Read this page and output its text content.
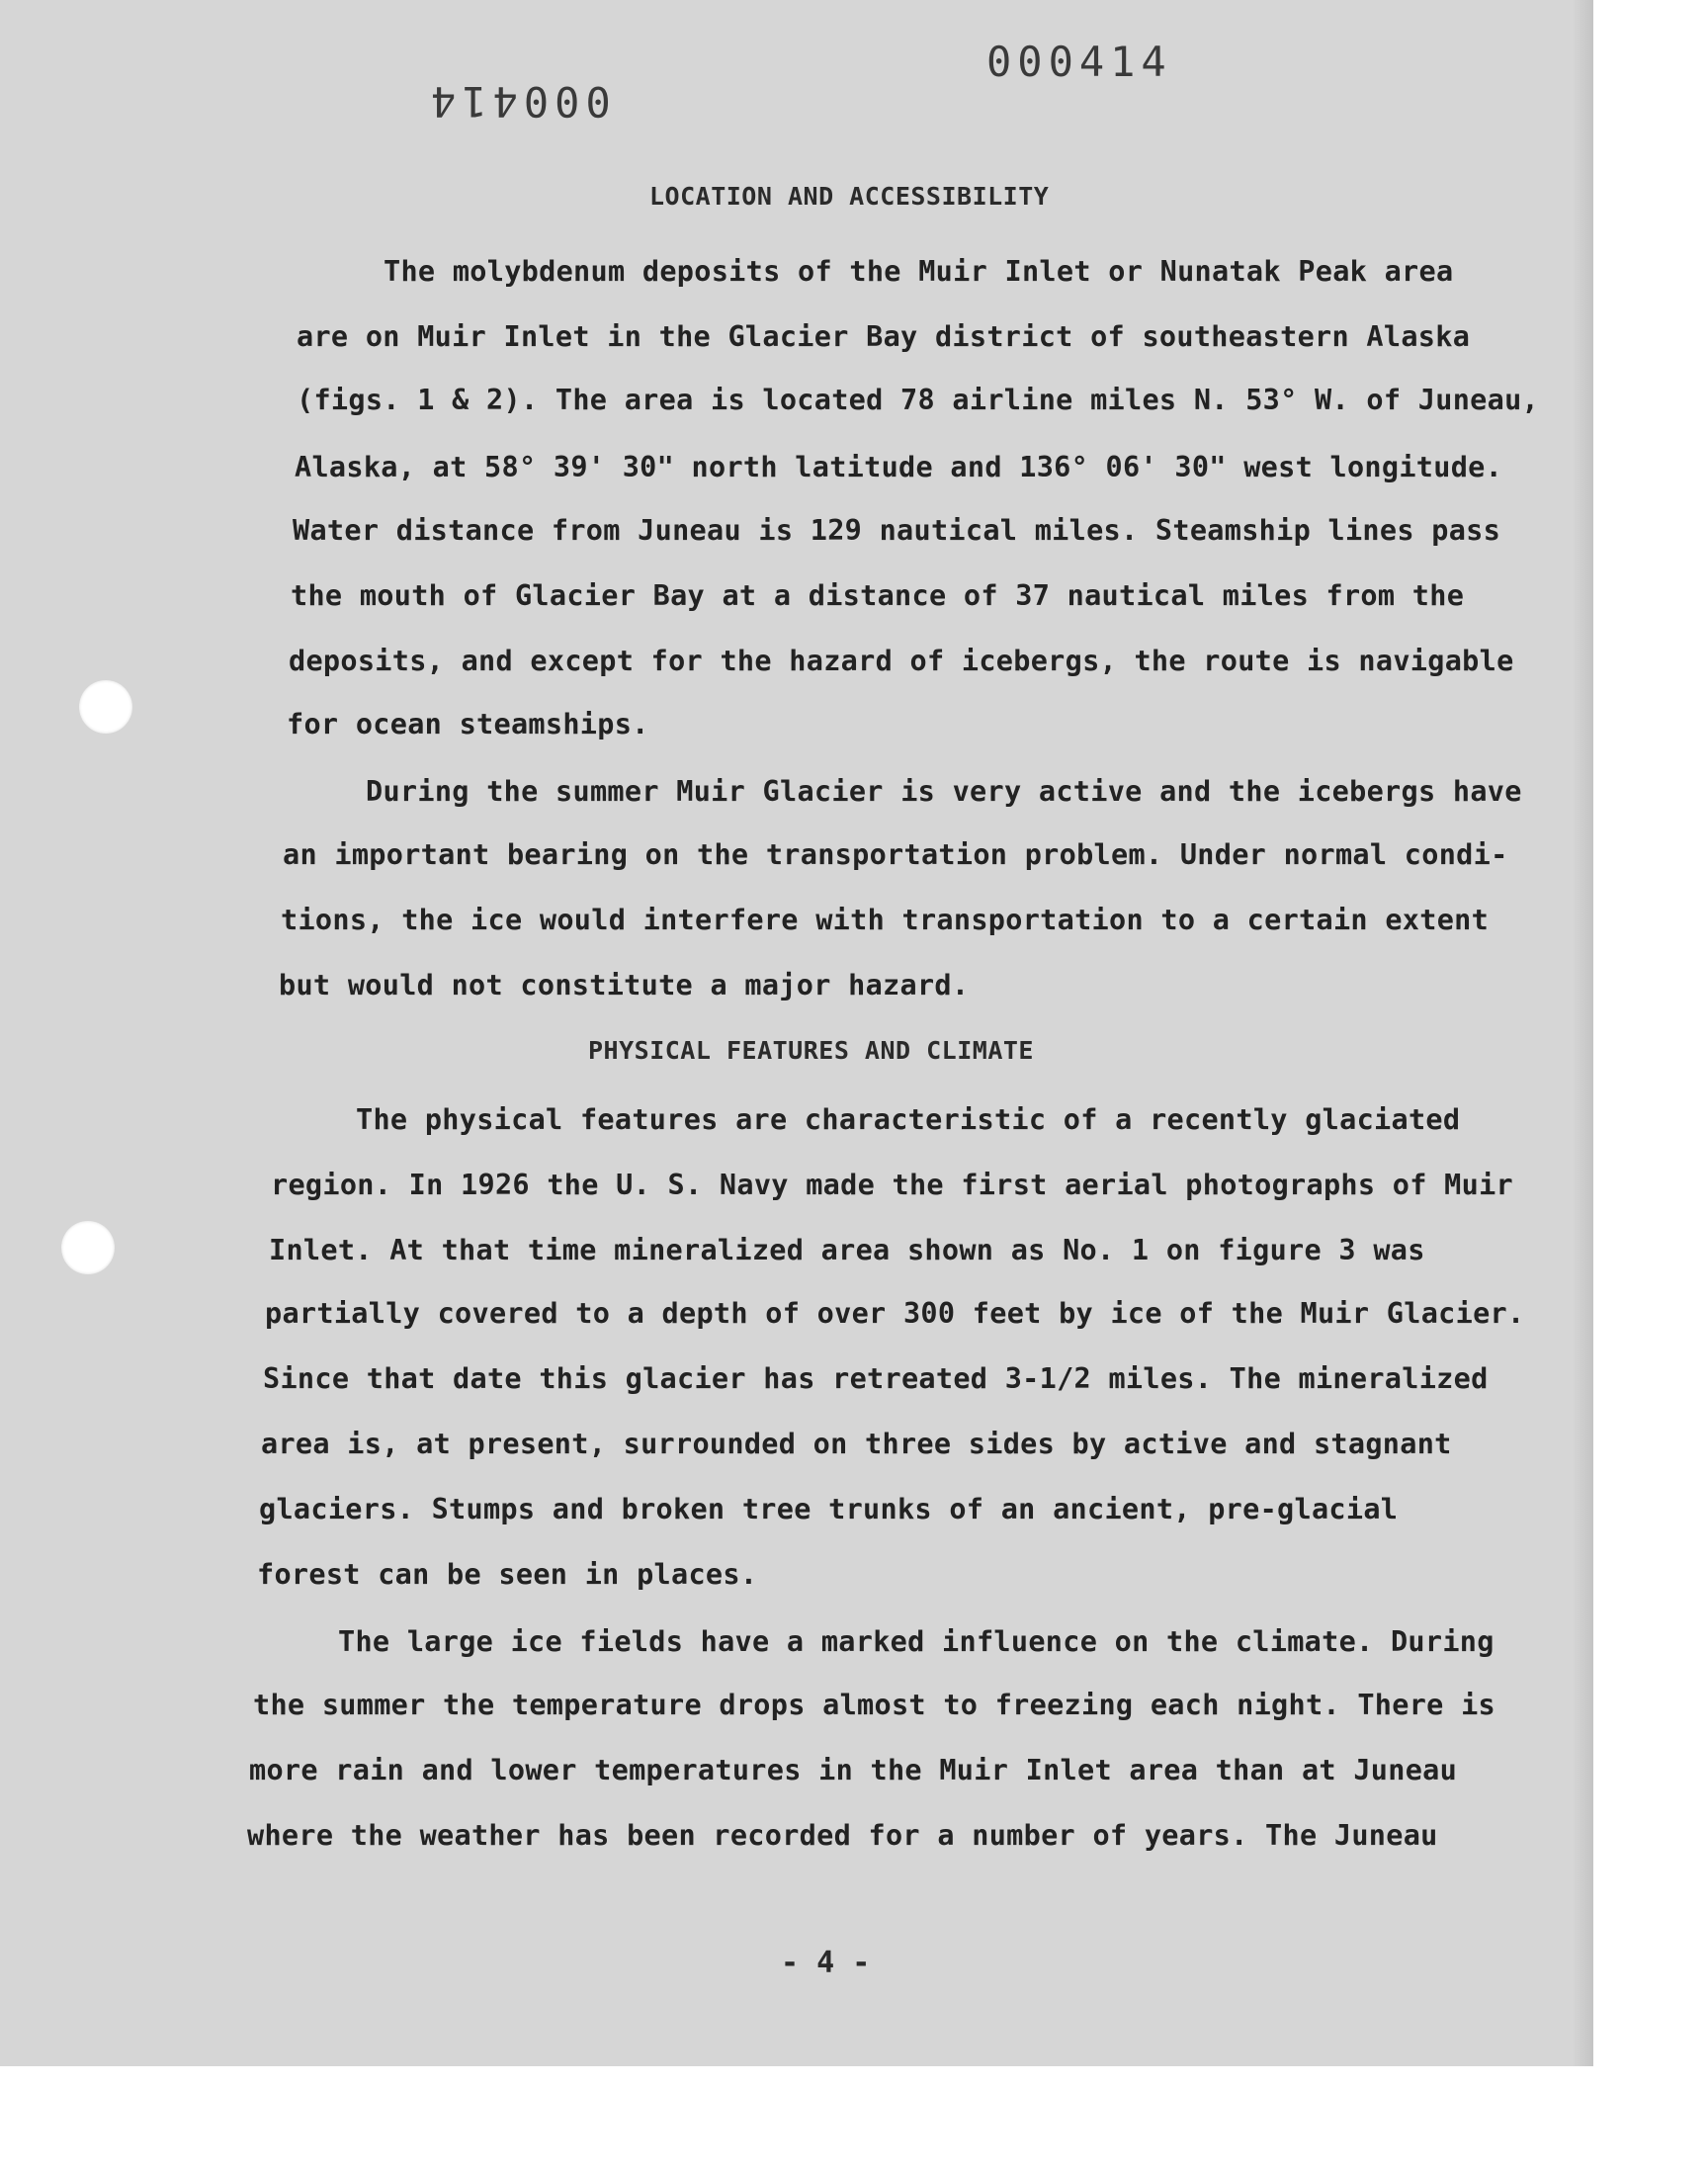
000414
000414
LOCATION AND ACCESSIBILITY
The molybdenum deposits of the Muir Inlet or Nunatak Peak area
are on Muir Inlet in the Glacier Bay district of southeastern Alaska
(figs. 1 & 2). The area is located 78 airline miles N. 53° W. of Juneau,
Alaska, at 58° 39' 30" north latitude and 136° 06' 30" west longitude.
Water distance from Juneau is 129 nautical miles. Steamship lines pass
the mouth of Glacier Bay at a distance of 37 nautical miles from the
deposits, and except for the hazard of icebergs, the route is navigable
for ocean steamships.
During the summer Muir Glacier is very active and the icebergs have
an important bearing on the transportation problem. Under normal condi-
tions, the ice would interfere with transportation to a certain extent
but would not constitute a major hazard.
PHYSICAL FEATURES AND CLIMATE
The physical features are characteristic of a recently glaciated
region. In 1926 the U. S. Navy made the first aerial photographs of Muir
Inlet. At that time mineralized area shown as No. 1 on figure 3 was
partially covered to a depth of over 300 feet by ice of the Muir Glacier.
Since that date this glacier has retreated 3-1/2 miles. The mineralized
area is, at present, surrounded on three sides by active and stagnant
glaciers. Stumps and broken tree trunks of an ancient, pre-glacial
forest can be seen in places.
The large ice fields have a marked influence on the climate. During
the summer the temperature drops almost to freezing each night. There is
more rain and lower temperatures in the Muir Inlet area than at Juneau
where the weather has been recorded for a number of years. The Juneau
- 4 -
